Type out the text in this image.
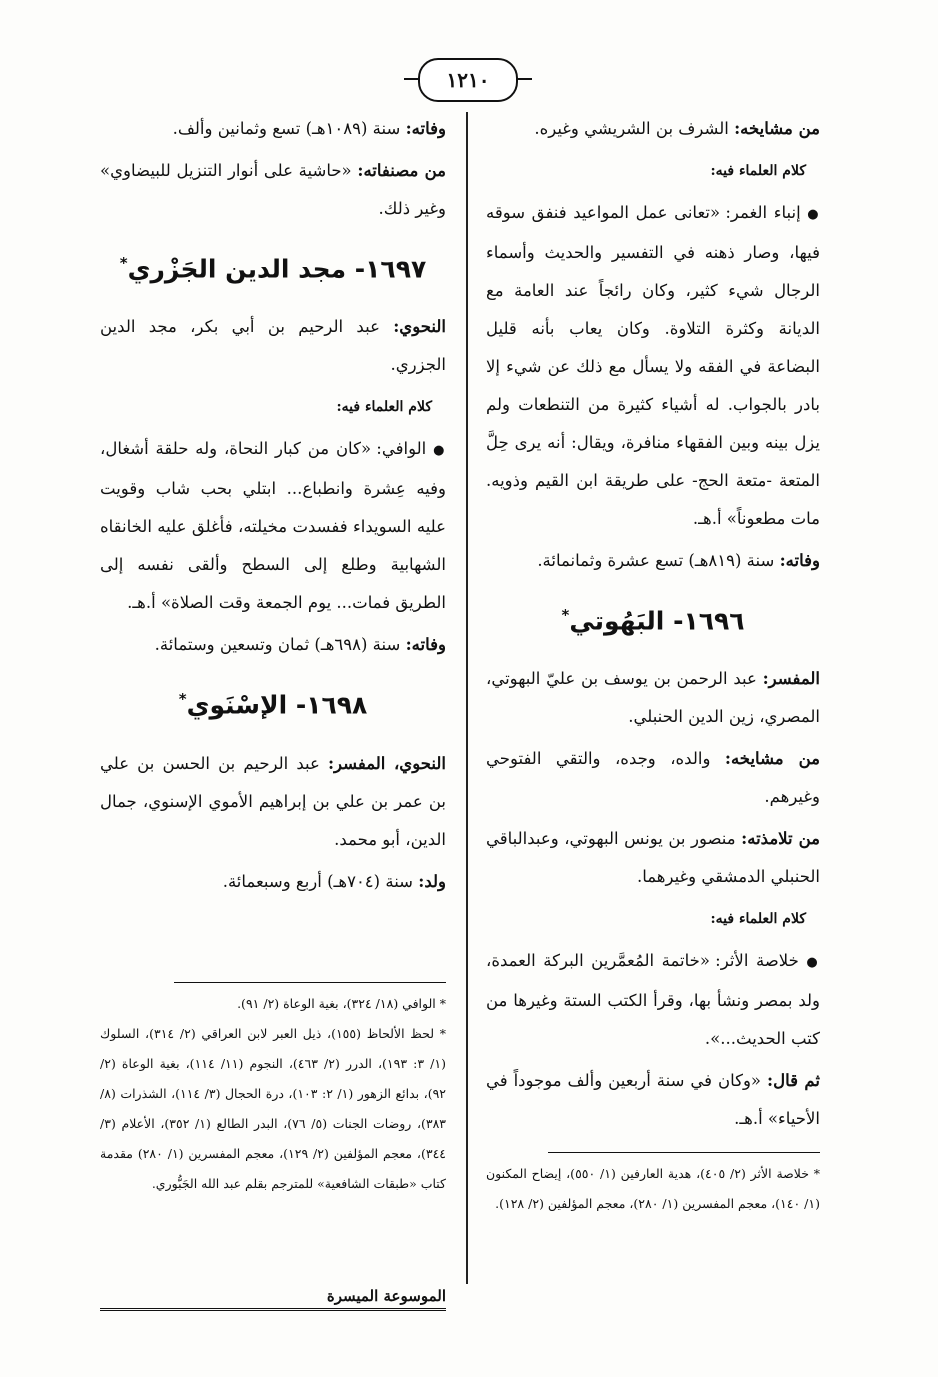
١٢١٠

من مشايخه: الشرف بن الشريشي وغيره.

كلام العلماء فيه:

● إنباء الغمر: «تعانى عمل المواعيد فنفق سوقه فيها، وصار ذهنه في التفسير والحديث وأسماء الرجال شيء كثير، وكان رائجاً عند العامة مع الديانة وكثرة التلاوة. وكان يعاب بأنه قليل البضاعة في الفقه ولا يسأل مع ذلك عن شيء إلا بادر بالجواب. له أشياء كثيرة من التنطعات ولم يزل بينه وبين الفقهاء منافرة، ويقال: أنه يرى حِلَّ المتعة -متعة الحج- على طريقة ابن القيم وذويه. مات مطعوناً» أ.هـ.

وفاته: سنة (٨١٩هـ) تسع عشرة وثمانمائة.

١٦٩٦- البَهُوتي*

المفسر: عبد الرحمن بن يوسف بن عليّ البهوتي، المصري، زين الدين الحنبلي.

من مشايخه: والده، وجده، والتقي الفتوحي وغيرهم.

من تلامذته: منصور بن يونس البهوتي، وعبدالباقي الحنبلي الدمشقي وغيرهما.

كلام العلماء فيه:

● خلاصة الأثر: «خاتمة المُعمَّرين البركة العمدة، ولد بمصر ونشأ بها، وقرأ الكتب الستة وغيرها من كتب الحديث...».

ثم قال: «وكان في سنة أربعين وألف موجوداً في الأحياء» أ.هـ.

* خلاصة الأثر (٢/ ٤٠٥)، هدية العارفين (١/ ٥٥٠)، إيضاح المكنون (١/ ١٤٠)، معجم المفسرين (١/ ٢٨٠)، معجم المؤلفين (٢/ ١٢٨).

وفاته: سنة (١٠٨٩هـ) تسع وثمانين وألف.

من مصنفاته: «حاشية على أنوار التنزيل للبيضاوي» وغير ذلك.

١٦٩٧- مجد الدين الجَزْري*

النحوي: عبد الرحيم بن أبي بكر، مجد الدين الجزري.

كلام العلماء فيه:

● الوافي: «كان من كبار النحاة، وله حلقة أشغال، وفيه عِشرة وانطباع... ابتلي بحب شاب وقويت عليه السويداء ففسدت مخيلته، فأغلق عليه الخانقاه الشهابية وطلع إلى السطح وألقى نفسه إلى الطريق فمات... يوم الجمعة وقت الصلاة» أ.هـ.

وفاته: سنة (٦٩٨هـ) ثمان وتسعين وستمائة.

١٦٩٨- الإسْنَوي*

النحوي، المفسر: عبد الرحيم بن الحسن بن علي بن عمر بن علي بن إبراهيم الأموي الإسنوي، جمال الدين، أبو محمد.

ولد: سنة (٧٠٤هـ) أربع وسبعمائة.

* الوافي (١٨/ ٣٢٤)، بغية الوعاة (٢/ ٩١).

* لحظ الألحاظ (١٥٥)، ذيل العبر لابن العراقي (٢/ ٣١٤)، السلوك (١/ ٣: ١٩٣)، الدرر (٢/ ٤٦٣)، النجوم (١١/ ١١٤)، بغية الوعاة (٢/ ٩٢)، بدائع الزهور (١/ ٢: ١٠٣)، درة الحجال (٣/ ١١٤)، الشذرات (٨/ ٣٨٣)، روضات الجنات (٥/ ٧٦)، البدر الطالع (١/ ٣٥٢)، الأعلام (٣/ ٣٤٤)، معجم المؤلفين (٢/ ١٢٩)، معجم المفسرين (١/ ٢٨٠) مقدمة كتاب «طبقات الشافعية» للمترجم بقلم عبد الله الجَبُّوري.

الموسوعة الميسرة
